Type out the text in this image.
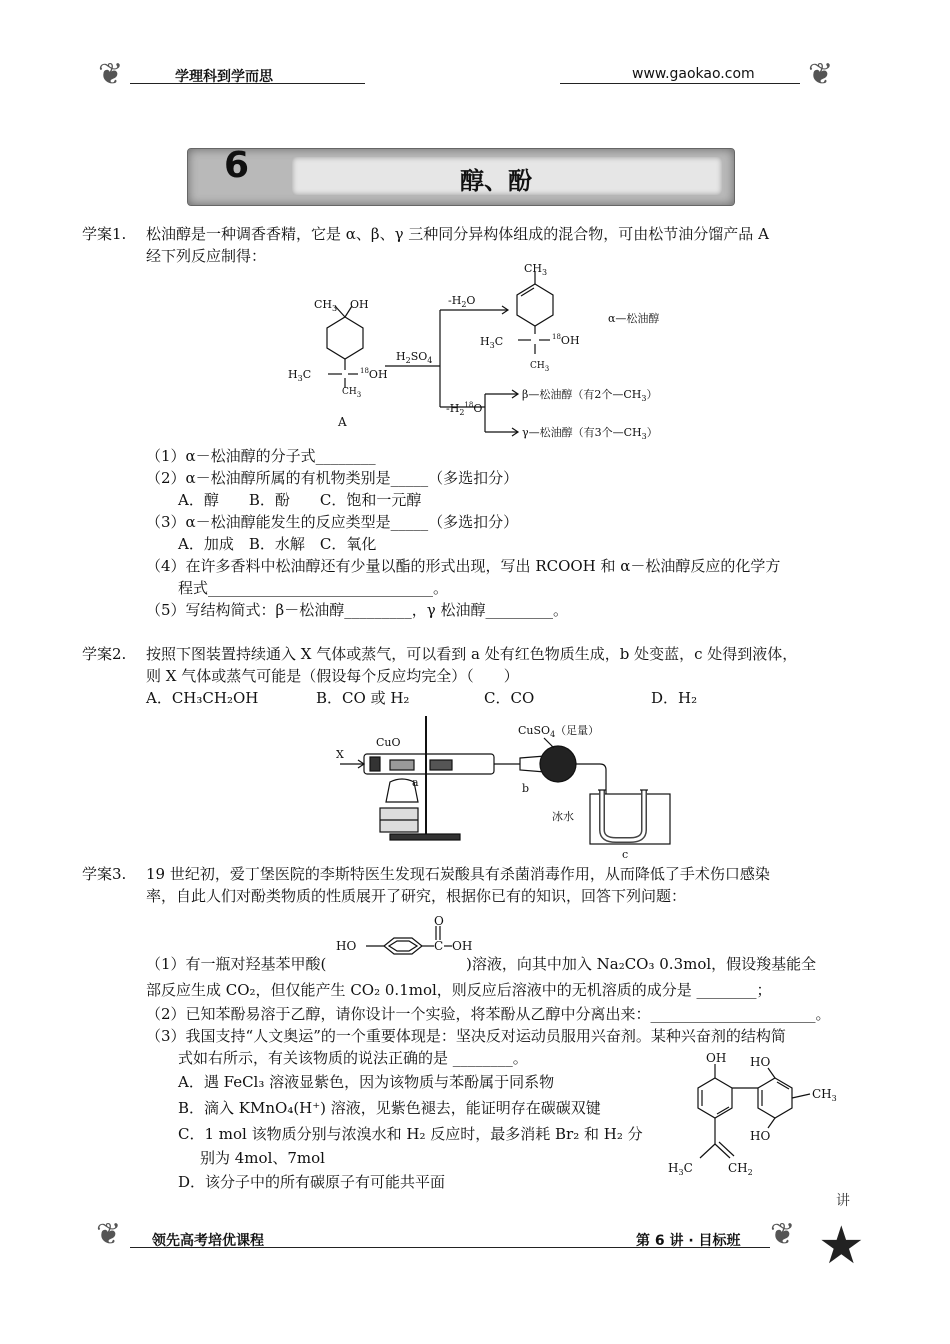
❦	学理科到学而思	www.gaokao.com ❦
6	醇、酚
学案1. 松油醇是一种调香香精，它是 α、β、γ 三种同分异构体组成的混合物，可由松节油分馏产品 A
经下列反应制得：
$CH_3$ OH
$H_3C$	$^{18}$OH
$CH_3$
A
$H_2SO_4$
$-H_2O$
$-H_2^{18}O$
$CH_3$
$H_3C$	$^{18}$OH
$CH_3$
α—松油醇
β—松油醇（有2个$—CH_3$）
γ—松油醇（有3个$—CH_3$）
（1）α－松油醇的分子式________
（2）α－松油醇所属的有机物类别是_____（多选扣分）
A．醇　　B．酚　　C．饱和一元醇
（3）α－松油醇能发生的反应类型是_____（多选扣分）
A．加成　B．水解　C．氧化
（4）在许多香料中松油醇还有少量以酯的形式出现，写出 RCOOH 和 α－松油醇反应的化学方
程式______________________________。
（5）写结构简式：β－松油醇_________，γ 松油醇_________。
学案2. 按照下图装置持续通入 X 气体或蒸气，可以看到 a 处有红色物质生成，b 处变蓝，c 处得到液体，
则 X 气体或蒸气可能是（假设每个反应均完全）（　　）
A．CH₃CH₂OH	B．CO 或 H₂	C．CO	D．H₂
X
CuO
a	b
c
CuSO$_4$（足量）
冰水
学案3. 19 世纪初，爱丁堡医院的李斯特医生发现石炭酸具有杀菌消毒作用，从而降低了手术伤口感染
率，自此人们对酚类物质的性质展开了研究，根据你已有的知识，回答下列问题：
（1）有一瓶对羟基苯甲酸(
HO
O
C OH
)溶液，向其中加入 Na₂CO₃ 0.3mol，假设羧基能全
部反应生成 CO₂，但仅能产生 CO₂ 0.1mol，则反应后溶液中的无机溶质的成分是 ________；
（2）已知苯酚易溶于乙醇，请你设计一个实验，将苯酚从乙醇中分离出来：______________________。
（3）我国支持“人文奥运”的一个重要体现是：坚决反对运动员服用兴奋剂。某种兴奋剂的结构简
式如右所示，有关该物质的说法正确的是 ________。
A．遇 FeCl₃ 溶液显紫色，因为该物质与苯酚属于同系物
B．滴入 KMnO₄(H⁺) 溶液，见紫色褪去，能证明存在碳碳双键
C．1 mol 该物质分别与浓溴水和 H₂ 反应时，最多消耗 Br₂ 和 H₂ 分
别为 4mol、7mol
D．该分子中的所有碳原子有可能共平面
OH HO
HO
$CH_3$
$H_3C$	$CH_2$
❦ 领先高考培优课程	第 6 讲 · 目标班 ❦ ★
讲
